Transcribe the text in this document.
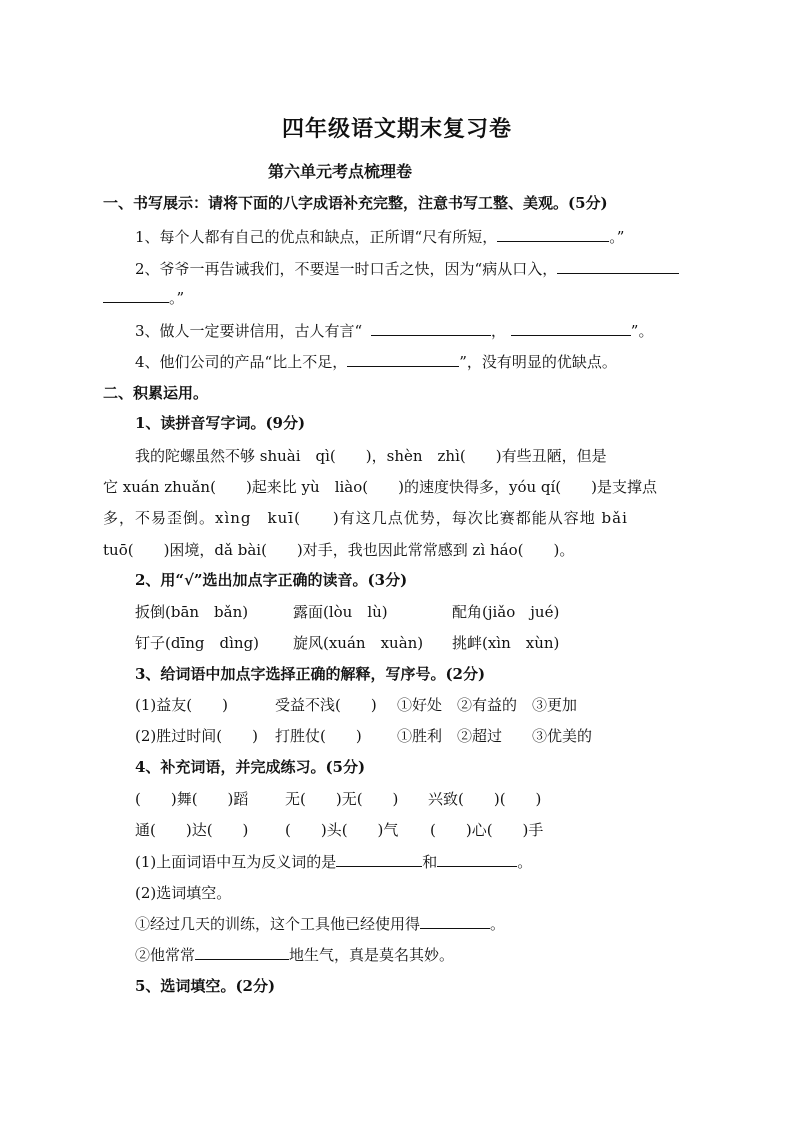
四年级语文期末复习卷
第六单元考点梳理卷
一、书写展示：请将下面的八字成语补充完整，注意书写工整、美观。(5分)
1、每个人都有自己的优点和缺点，正所谓“尺有所短，	。”
2、爷爷一再告诫我们，不要逞一时口舌之快，因为“病从口入，
。”
3、做人一定要讲信用，古人有言“	，	”。
4、他们公司的产品“比上不足，	”，没有明显的优缺点。
二、积累运用。
1、读拼音写字词。(9分)
我的陀螺虽然不够 shuài　qì(　　)，shèn　zhì(　　)有些丑陋，但是
它 xuán zhuǎn(　　)起来比 yù　liào(　　)的速度快得多，yóu qí(　　)是支撑点
多，不易歪倒。xìng　kuī(　　)有这几点优势，每次比赛都能从容地 bǎi
tuō(　　)困境，dǎ bài(　　)对手，我也因此常常感到 zì háo(　　)。
2、用“√”选出加点字正确的读音。(3分)
扳倒(bān　bǎn)	露面(lòu　lù)	配角(jiǎo　jué)
钉子(dīng　dìng) 旋风(xuán　xuàn) 挑衅(xìn　xùn)
3、给词语中加点字选择正确的解释，写序号。(2分)
(1)益友(　　)	受益不浅(　　) ①好处　②有益的　③更加
(2)胜过时间(　　) 打胜仗(　　) ①胜利　②超过　　③优美的
4、补充词语，并完成练习。(5分)
(　　)舞(　　)蹈 无(　　)无(　　) 兴致(　　)(　　)
通(　　)达(　　) (　　)头(　　)气 (　　)心(　　)手
(1)上面词语中互为反义词的是	和	。
(2)选词填空。
①经过几天的训练，这个工具他已经使用得	。
②他常常	地生气，真是莫名其妙。
5、选词填空。(2分)
